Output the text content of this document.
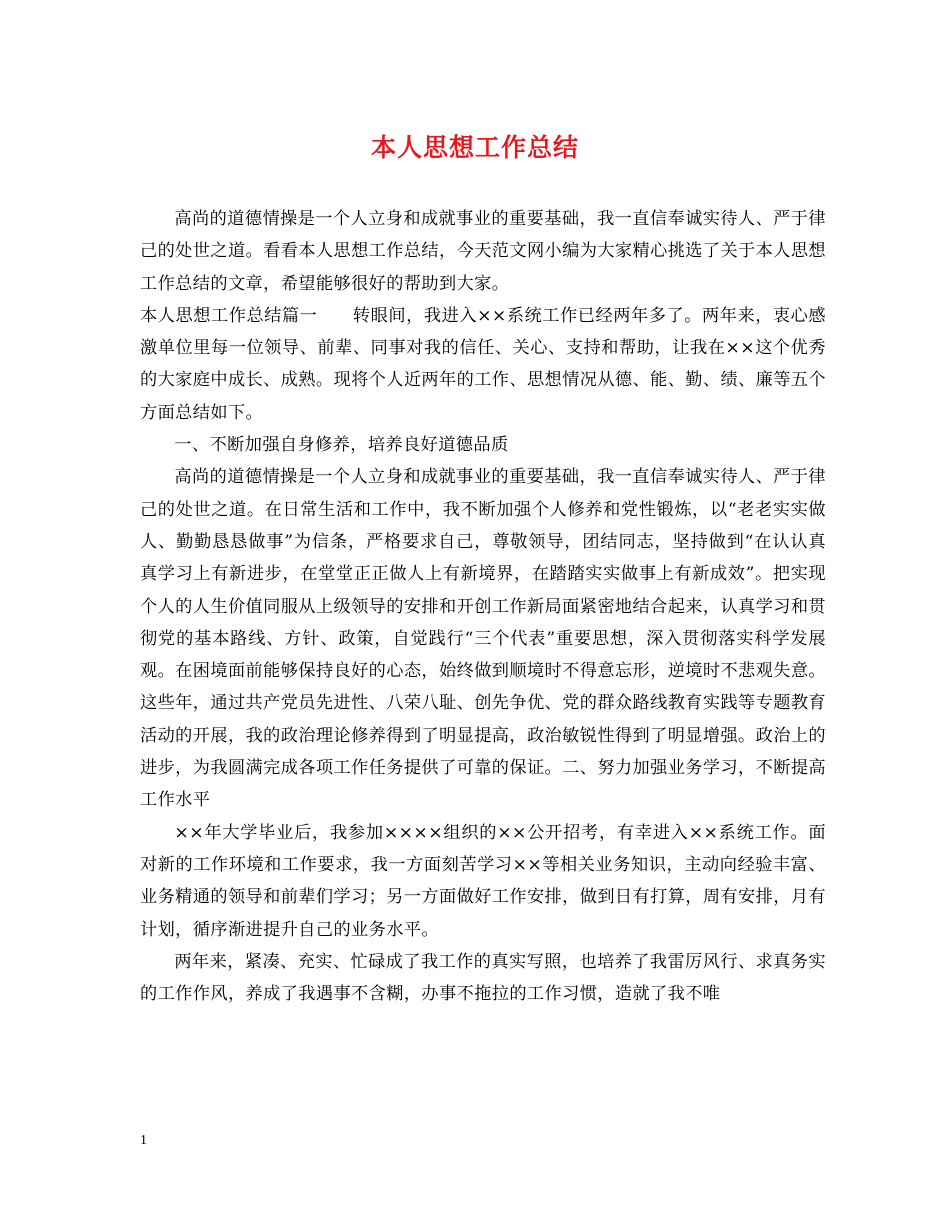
本人思想工作总结

高尚的道德情操是一个人立身和成就事业的重要基础，我一直信奉诚实待人、严于律己的处世之道。看看本人思想工作总结，今天范文网小编为大家精心挑选了关于本人思想工作总结的文章，希望能够很好的帮助到大家。

本人思想工作总结篇一　　转眼间，我进入××系统工作已经两年多了。两年来，衷心感激单位里每一位领导、前辈、同事对我的信任、关心、支持和帮助，让我在××这个优秀的大家庭中成长、成熟。现将个人近两年的工作、思想情况从德、能、勤、绩、廉等五个方面总结如下。

一、不断加强自身修养，培养良好道德品质

高尚的道德情操是一个人立身和成就事业的重要基础，我一直信奉诚实待人、严于律己的处世之道。在日常生活和工作中，我不断加强个人修养和党性锻炼，以“老老实实做人、勤勤恳恳做事”为信条，严格要求自己，尊敬领导，团结同志，坚持做到“在认认真真学习上有新进步，在堂堂正正做人上有新境界，在踏踏实实做事上有新成效”。把实现个人的人生价值同服从上级领导的安排和开创工作新局面紧密地结合起来，认真学习和贯彻党的基本路线、方针、政策，自觉践行“三个代表”重要思想，深入贯彻落实科学发展观。在困境面前能够保持良好的心态，始终做到顺境时不得意忘形，逆境时不悲观失意。这些年，通过共产党员先进性、八荣八耻、创先争优、党的群众路线教育实践等专题教育活动的开展，我的政治理论修养得到了明显提高，政治敏锐性得到了明显增强。政治上的进步，为我圆满完成各项工作任务提供了可靠的保证。二、努力加强业务学习，不断提高工作水平

××年大学毕业后，我参加××××组织的××公开招考，有幸进入××系统工作。面对新的工作环境和工作要求，我一方面刻苦学习××等相关业务知识，主动向经验丰富、业务精通的领导和前辈们学习；另一方面做好工作安排，做到日有打算，周有安排，月有计划，循序渐进提升自己的业务水平。

两年来，紧凑、充实、忙碌成了我工作的真实写照，也培养了我雷厉风行、求真务实的工作作风，养成了我遇事不含糊，办事不拖拉的工作习惯，造就了我不唯

1
